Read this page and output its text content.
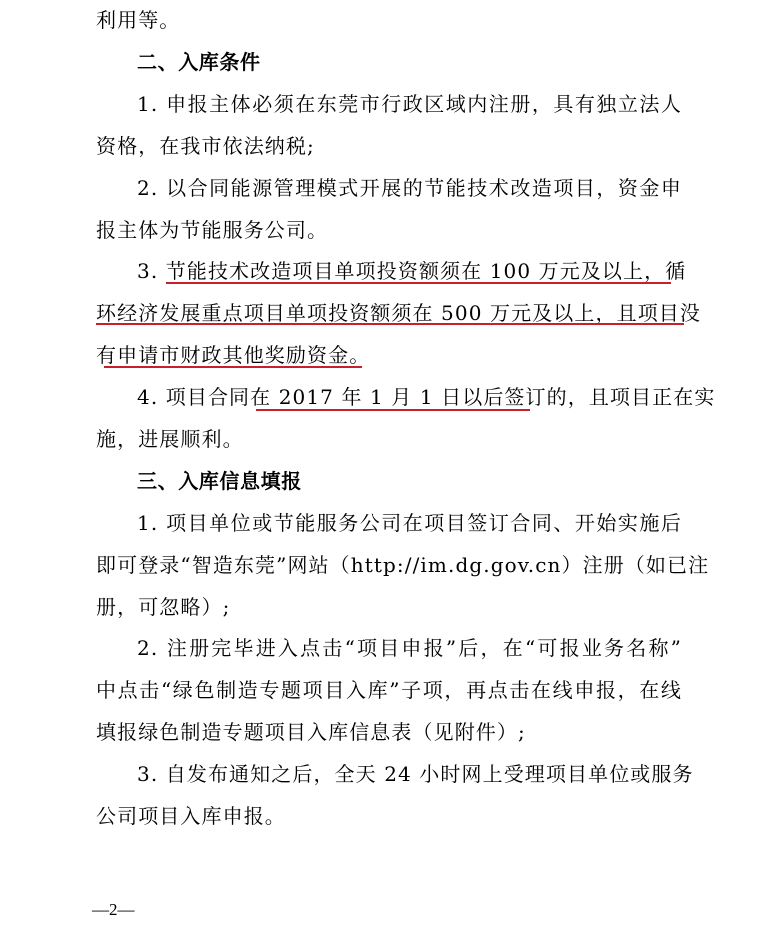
利用等。
二、入库条件
1. 申报主体必须在东莞市行政区域内注册，具有独立法人
资格，在我市依法纳税;
2. 以合同能源管理模式开展的节能技术改造项目，资金申
报主体为节能服务公司。
3. 节能技术改造项目单项投资额须在 100 万元及以上，循
环经济发展重点项目单项投资额须在 500 万元及以上，且项目没
有申请市财政其他奖励资金。
4. 项目合同在 2017 年 1 月 1 日以后签订的，且项目正在实
施，进展顺利。
三、入库信息填报
1. 项目单位或节能服务公司在项目签订合同、开始实施后
即可登录“智造东莞”网站（http://im.dg.gov.cn）注册（如已注
册，可忽略）;
2. 注册完毕进入点击“项目申报”后，在“可报业务名称”
中点击“绿色制造专题项目入库”子项，再点击在线申报，在线
填报绿色制造专题项目入库信息表（见附件）;
3. 自发布通知之后，全天 24 小时网上受理项目单位或服务
公司项目入库申报。
—2—
